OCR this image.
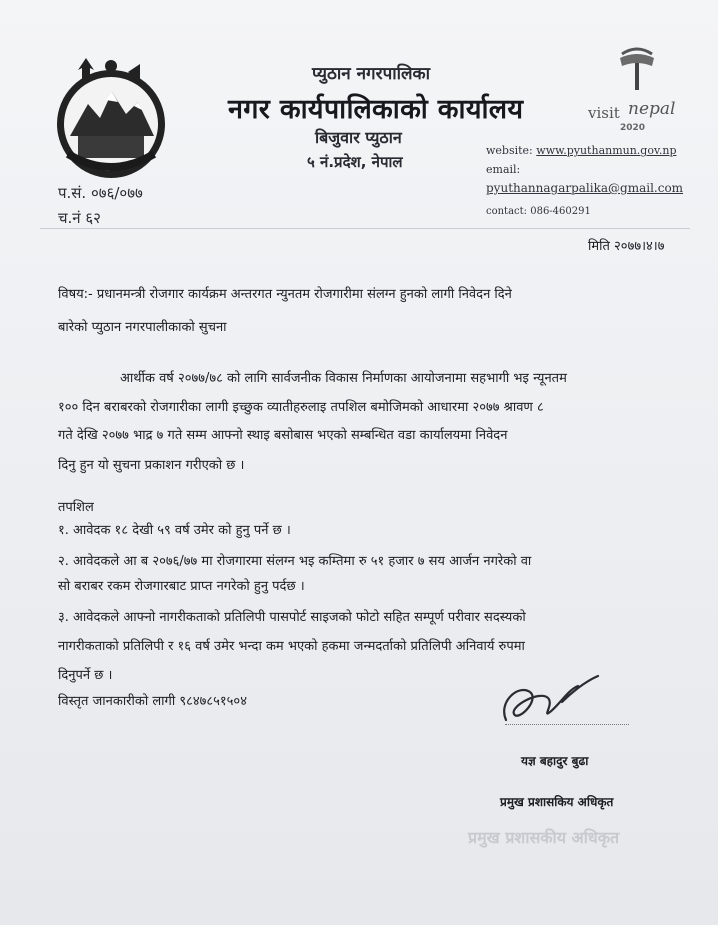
प्युठान नगरपालिका
नगर कार्यपालिकाको कार्यालय
बिजुवार प्युठान
५ नं.प्रदेश, नेपाल
visit nepal
2020
website: www.pyuthanmun.gov.np
email:
pyuthannagarpalika@gmail.com
contact: 086-460291
प.सं. ०७६/०७७
च.नं ६२
मिति २०७७।४।७
विषय:- प्रधानमन्त्री रोजगार कार्यक्रम अन्तरगत न्युनतम रोजगारीमा संलग्न हुनको लागी निवेदन दिने
बारेको प्युठान नगरपालीकाको सुचना
आर्थीक वर्ष २०७७/७८ को लागि सार्वजनीक विकास निर्माणका आयोजनामा सहभागी भइ न्यूनतम
१०० दिन बराबरको रोजगारीका लागी इच्छुक व्यातीहरुलाइ तपशिल बमोजिमको आधारमा २०७७ श्रावण ८
गते देखि २०७७ भाद्र ७ गते सम्म आफ्नो स्थाइ बसोबास भएको सम्बन्धित वडा कार्यालयमा निवेदन
दिनु हुन यो सुचना प्रकाशन गरीएको छ ।
तपशिल
१. आवेदक १८ देखी ५९ वर्ष उमेर को हुनु पर्ने छ ।
२. आवेदकले आ ब २०७६/७७ मा रोजगारमा संलग्न भइ कम्तिमा रु ५१ हजार ७ सय आर्जन नगरेको वा
सो बराबर रकम रोजगारबाट प्राप्त नगरेको हुनु पर्दछ ।
३. आवेदकले आफ्नो नागरीकताको प्रतिलिपी पासपोर्ट साइजको फोटो सहित सम्पूर्ण परीवार सदस्यको
नागरीकताको प्रतिलिपी र १६ वर्ष उमेर भन्दा कम भएको हकमा जन्मदर्ताको प्रतिलिपी अनिवार्य रुपमा
दिनुपर्ने छ ।
विस्तृत जानकारीको लागी ९८४७८५१५०४
यज्ञ बहादुर बुढा
प्रमुख प्रशासकिय अधिकृत
प्रमुख प्रशासकीय अधिकृत
